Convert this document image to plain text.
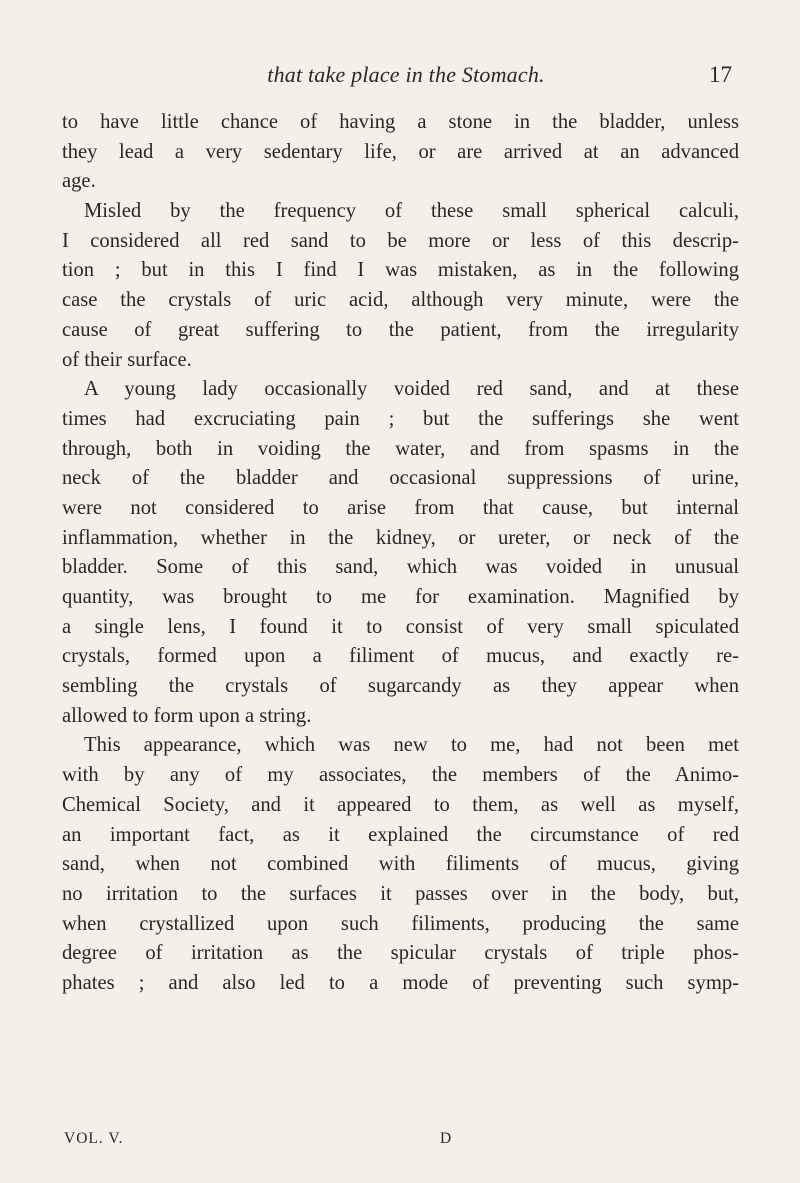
that take place in the Stomach.	17
to have little chance of having a stone in the bladder, unless
they lead a very sedentary life, or are arrived at an advanced
age.
Misled by the frequency of these small spherical calculi,
I considered all red sand to be more or less of this descrip-
tion ; but in this I find I was mistaken, as in the following
case the crystals of uric acid, although very minute, were the
cause of great suffering to the patient, from the irregularity
of their surface.
A young lady occasionally voided red sand, and at these
times had excruciating pain ; but the sufferings she went
through, both in voiding the water, and from spasms in the
neck of the bladder and occasional suppressions of urine,
were not considered to arise from that cause, but internal
inflammation, whether in the kidney, or ureter, or neck of the
bladder. Some of this sand, which was voided in unusual
quantity, was brought to me for examination. Magnified by
a single lens, I found it to consist of very small spiculated
crystals, formed upon a filiment of mucus, and exactly re-
sembling the crystals of sugarcandy as they appear when
allowed to form upon a string.
This appearance, which was new to me, had not been met
with by any of my associates, the members of the Animo-
Chemical Society, and it appeared to them, as well as myself,
an important fact, as it explained the circumstance of red
sand, when not combined with filiments of mucus, giving
no irritation to the surfaces it passes over in the body, but,
when crystallized upon such filiments, producing the same
degree of irritation as the spicular crystals of triple phos-
phates ; and also led to a mode of preventing such symp-
VOL. V.	D
